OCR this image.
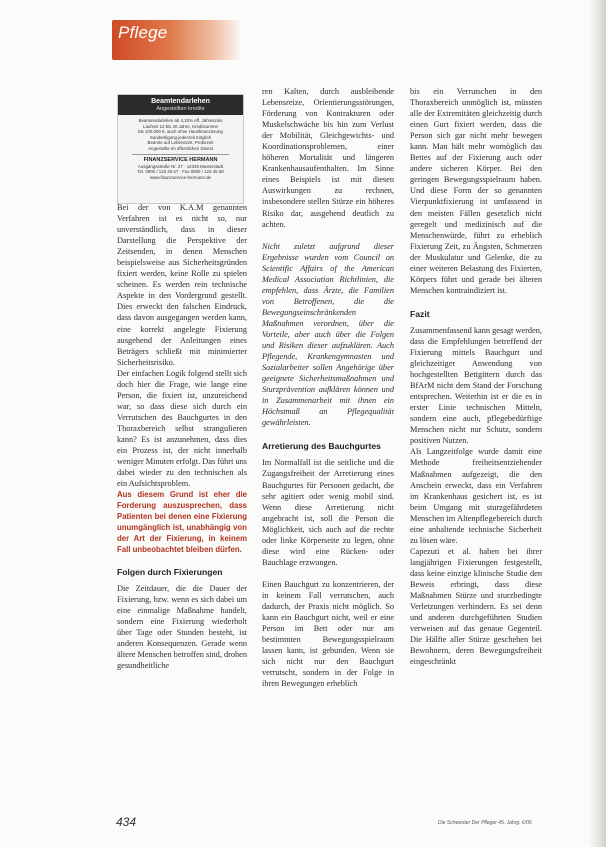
Pflege
Beamtendarlehen
Angestellten kredite
Beamtendarlehen ab 4,10% eff. Jahreszins
Laufzeit 12 bis 20 Jahre, Kreditsumme
bis 100.000 €, auch ohne Hausfinanzierung
Sondertilgung jederzeit möglich
Beamte auf Lebenszeit, Probezeit
Angestellte im öffentlichen Dienst
FINANZSERVICE HERMANN
Ausgangsstraße Nr. 27 · 12345 Musterstadt
Tel. 0800 / 123 45 67 · Fax 0800 / 123 45 68
www.finanzservice-hermann.de

Bei der von K.A.M genannten Verfahren ist es nicht so, nur unverständlich, dass in dieser Darstellung die Perspektive der Zeitsenden, in denen Menschen beispielsweise aus Sicherheitsgründen fixiert werden, keine Rolle zu spielen scheinen. Es werden rein technische Aspekte in den Vordergrund gestellt. Dies erweckt den falschen Eindruck, dass davon ausgegangen werden kann, eine korrekt angelegte Fixierung ausgehend der Anleitungen eines Beträgers schließt mit minimierter Sicherheitsrisiko.

Der einfachen Logik folgend stellt sich doch hier die Frage, wie lange eine Person, die fixiert ist, unzureichend war, so dass diese sich durch ein Verrutschen des Bauchgurtes in den Thoraxbereich selbst strangulieren kann? Es ist anzunehmen, dass dies ein Prozess ist, der nicht innerhalb weniger Minuten erfolgt. Das führt uns dabei wieder zu den technischen als ein Aufsichtsproblem.

Aus diesem Grund ist eher die Forderung auszusprechen, dass Patienten bei denen eine Fixierung unumgänglich ist, unabhängig von der Art der Fixierung, in keinem Fall unbeobachtet bleiben dürfen.

Folgen durch Fixierungen

Die Zeitdauer, die die Dauer der Fixierung, bzw. wenn es sich dabei um eine einmalige Maßnahme handelt, sondern eine Fixierung wiederholt über Tage oder Stunden besteht, ist anderen Konsequenzen. Gerade wenn ältere Menschen betroffen sind, drohen gesundheitliche

ren Kalten, durch ausbleibende Lebensreize, Orientierungsstörungen, Förderung von Kontrakturen oder Muskelschwäche bis hin zum Verlust der Mobilität, Gleichgewichts- und Koordinationsproblemen, einer höheren Mortalität und längeren Krankenhausaufenthalten. Im Sinne eines Beispiels ist mit diesen Auswirkungen zu rechnen, insbesondere stellen Stürze ein höheres Risiko dar, ausgehend deutlich zu achten.

Nicht zuletzt aufgrund dieser Ergebnisse wurden vom Council on Scientific Affairs of the American Medical Association Richtlinien, die empfehlen, dass Ärzte, die Familien von Betroffenen, die die Bewegungseinschränkenden Maßnahmen verordnen, über die Vorteile, aber auch über die Folgen und Risiken dieser aufzuklären. Auch Pflegende, Krankengymnasten und Sozialarbeiter sollen Angehörige über geeignete Sicherheitsmaßnahmen und Sturzprävention aufklären können und in Zusammenarbeit mit ihnen ein Höchstmaß an Pflegequalität gewährleisten.

Arretierung des Bauchgurtes

Im Normalfall ist die seitliche und die Zugangsfreiheit der Arretierung eines Bauchgurtes für Personen gedacht, die sehr agitiert oder wenig mobil sind. Wenn diese Arretierung nicht angebracht ist, soll die Person die Möglichkeit, sich auch auf die rechte oder linke Körperseite zu legen, ohne diese wird eine Rücken- oder Bauchlage erzwungen.

Einen Bauchgurt zu konzentrieren, der in keinem Fall verrutschen, auch dadurch, der Praxis nicht möglich. So kann ein Bauchgurt nicht, weil er eine Person im Bett oder nur am bestimmten Bewegungsspielraum lassen kann, ist gebunden. Wenn sie sich nicht nur den Bauchgurt verrutscht, sondern in der Folge in ihren Bewegungen erheblich

bis ein Verrutschen in den Thoraxbereich unmöglich ist, müssten alle der Extremitäten gleichzeitig durch einen Gurt fixiert werden, dass die Person sich gar nicht mehr bewegen kann. Man hält mehr womöglich das Bettes auf der Fixierung auch oder andere sicheren Körper. Bei den geringen Bewegungsspielraum haben. Und diese Form der so genannten Vierpunktfixierung ist umfassend in den meisten Fällen gesetzlich nicht geregelt und medizinisch auf die Menschenwürde, führt zu erheblich Fixierung Zeit, zu Ängsten, Schmerzen der Muskulatur und Gelenke, die zu einer weiteren Belastung des Fixierten, Körpers führt und gerade bei älteren Menschen kontraindiziert ist.

Fazit

Zusammenfassend kann gesagt werden, dass die Empfehlungen betreffend der Fixierung mittels Bauchgurt und gleichzeitiger Anwendung von hochgestellten Bettgittern durch das BfArM nicht dem Stand der Forschung entsprechen. Weiterhin ist er die es in erster Linie technischen Mitteln, sondern eine auch, pflegebedürftige Menschen nicht nur Schutz, sondern positiven Nutzen.

Als Langzeitfolge wurde damit eine Methode freiheitsentziehender Maßnahmen aufgezeigt, die den Anschein erweckt, dass ein Verfahren im Krankenhaus gesichert ist, es ist beim Umgang mit sturzgefährdeten Menschen im Altenpflegebereich durch eine anhaltende technische Sicherheit zu lösen wäre.

Capezuti et al. haben bei ihrer langjährigen Fixierungen festgestellt, dass keine einzige klinische Studie den Beweis erbringt, dass diese Maßnahmen Stürze und sturzbedingte Verletzungen verhindern. Es sei denn und anderen durchgeführten Studien verweisen auf das genaue Gegenteil. Die Hälfte aller Stürze geschehen bei Bewohnern, deren Bewegungsfreiheit eingeschränkt

434	Die Schwester Der Pfleger 45. Jahrg. 6/06
